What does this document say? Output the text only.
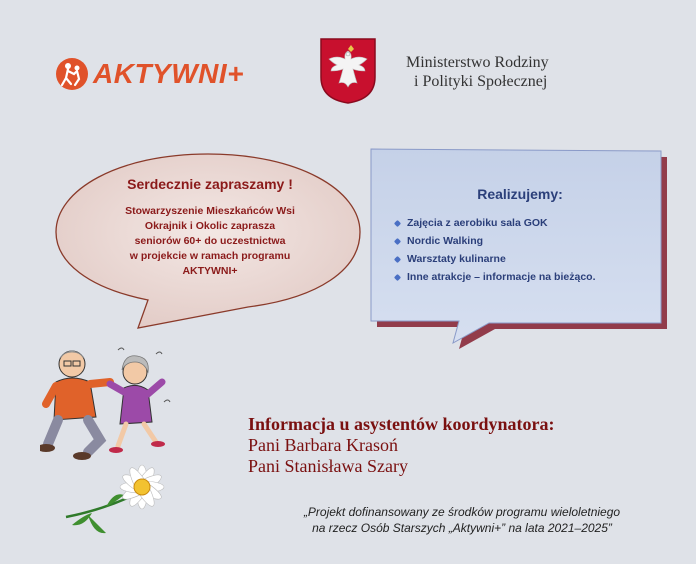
AKTYWNI+	Ministerstwo Rodziny
i Polityki Społecznej
Serdecznie zapraszamy !
Stowarzyszenie Mieszkańców Wsi
Okrajnik i Okolic zaprasza
seniorów 60+ do uczestnictwa
w projekcie w ramach programu
AKTYWNI+
Realizujemy:
Zajęcia z aerobiku sala GOK
Nordic Walking
Warsztaty kulinarne
Inne atrakcje – informacje na bieżąco.
Informacja u asystentów koordynatora:
Pani Barbara Krasoń
Pani Stanisława Szary
„Projekt dofinansowany ze środków programu wieloletniego
na rzecz Osób Starszych „Aktywni+” na lata 2021–2025”
